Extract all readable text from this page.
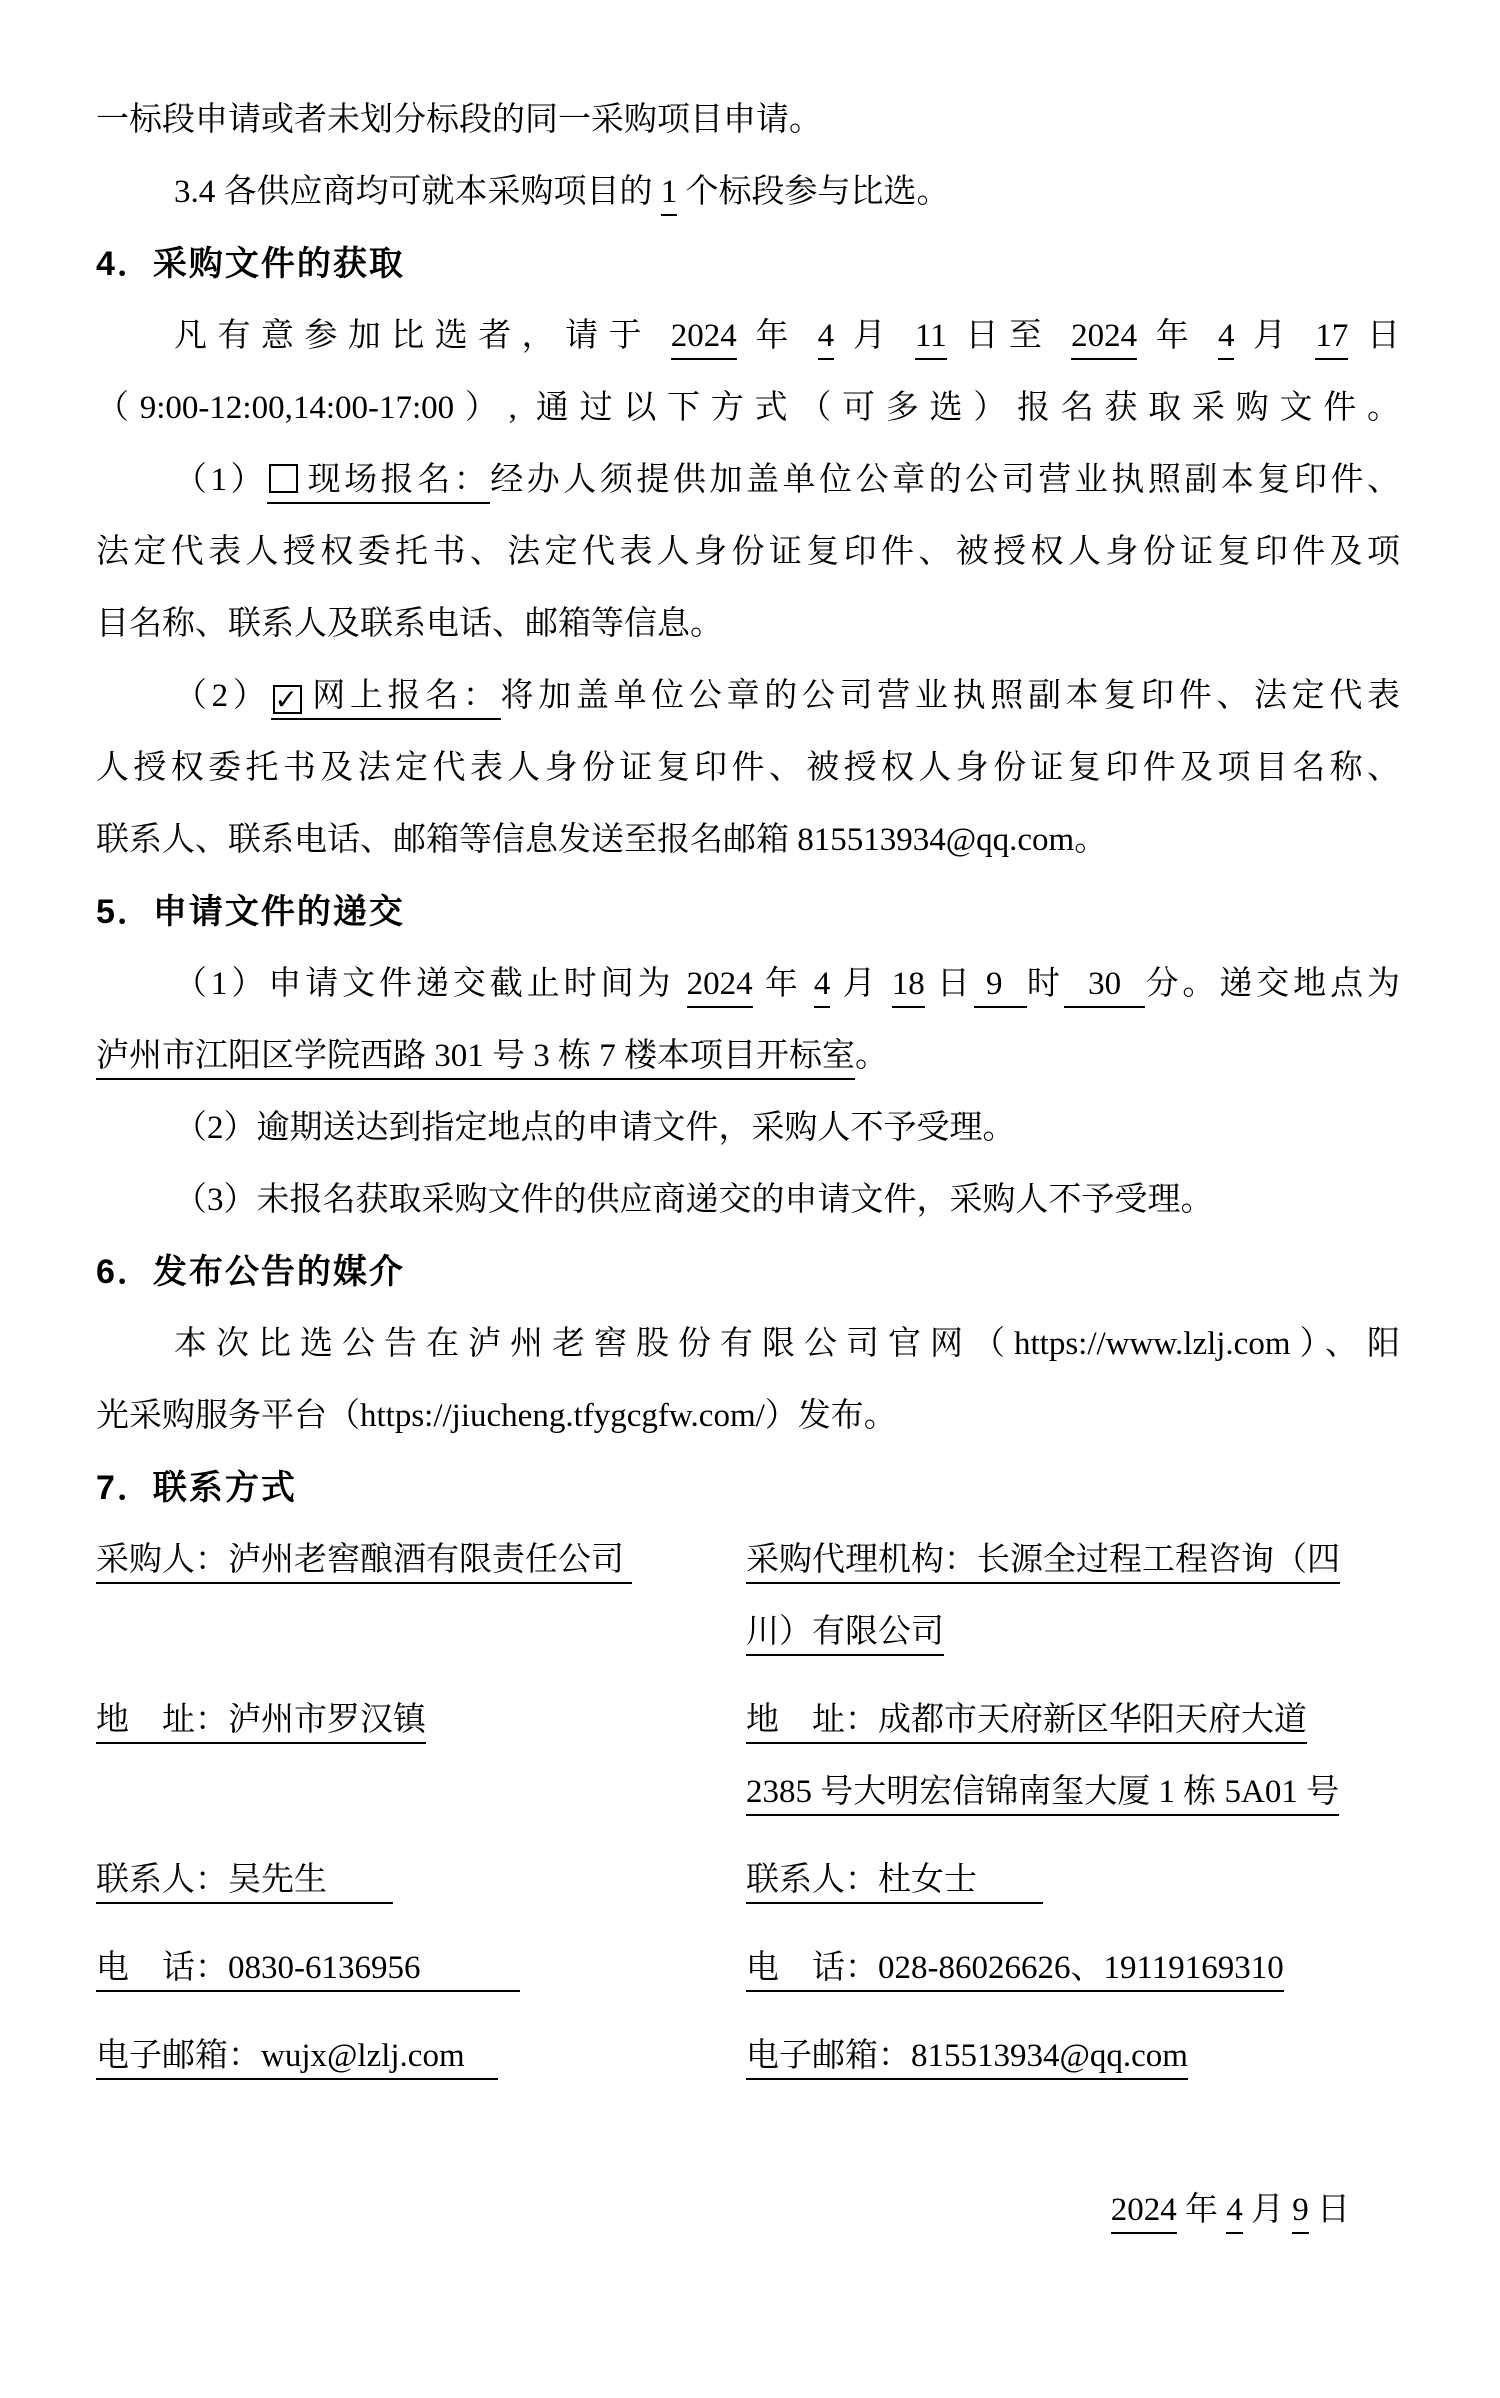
一标段申请或者未划分标段的同一采购项目申请。
3.4 各供应商均可就本采购项目的 1 个标段参与比选。
4．采购文件的获取
凡有意参加比选者，请于 2024 年 4 月 11 日至 2024 年 4 月 17 日
（9:00-12:00,14:00-17:00）, 通过以下方式（可多选）报名获取采购文件。
（1） 现场报名：经办人须提供加盖单位公章的公司营业执照副本复印件、
法定代表人授权委托书、法定代表人身份证复印件、被授权人身份证复印件及项
目名称、联系人及联系电话、邮箱等信息。
（2） ✓ 网上报名：将加盖单位公章的公司营业执照副本复印件、法定代表
人授权委托书及法定代表人身份证复印件、被授权人身份证复印件及项目名称、
联系人、联系电话、邮箱等信息发送至报名邮箱 815513934@qq.com。
5．申请文件的递交
（1）申请文件递交截止时间为 2024 年 4 月 18 日 9  时  30  分。递交地点为
泸州市江阳区学院西路 301 号 3 栋 7 楼本项目开标室。
（2）逾期送达到指定地点的申请文件，采购人不予受理。
（3）未报名获取采购文件的供应商递交的申请文件，采购人不予受理。
6．发布公告的媒介
本次比选公告在泸州老窖股份有限公司官网（https://www.lzlj.com）、阳
光采购服务平台（https://jiucheng.tfygcgfw.com/）发布。
7．联系方式
采购人：泸州老窖酿酒有限责任公司	采购代理机构：长源全过程工程咨询（四
川）有限公司
地　址：泸州市罗汉镇	地　址：成都市天府新区华阳天府大道
2385 号大明宏信锦南玺大厦 1 栋 5A01 号
联系人：吴先生　　	联系人：杜女士　　
电　话：0830-6136956　　　	电　话：028-86026626、19119169310
电子邮箱：wujx@lzlj.com　	电子邮箱：815513934@qq.com
2024 年 4 月 9 日
